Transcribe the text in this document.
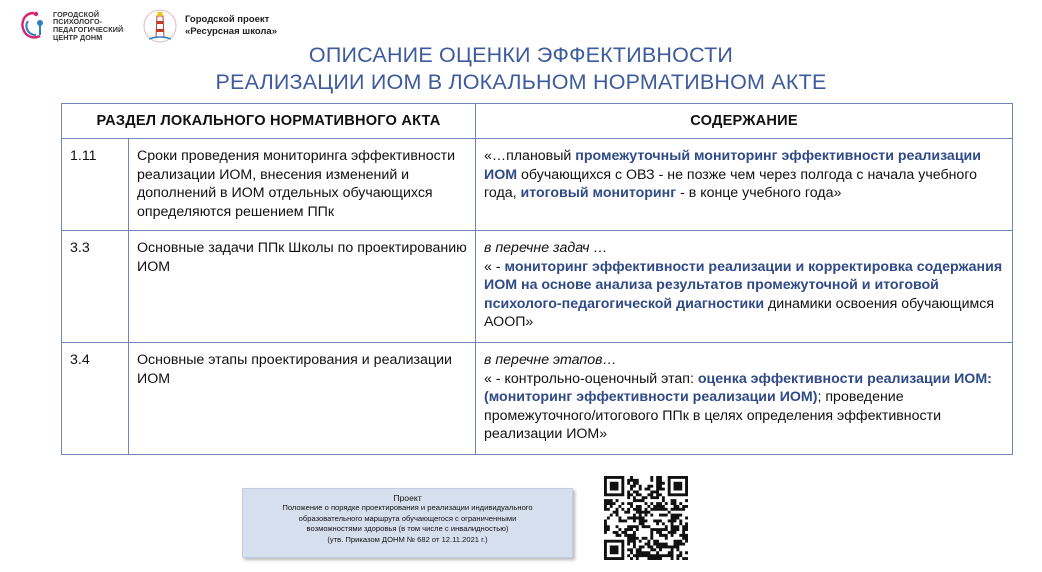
ГОРОДСКОЙ
ПСИХОЛОГО-
ПЕДАГОГИЧЕСКИЙ
ЦЕНТР ДОНМ
Городской проект
«Ресурсная школа»
ОПИСАНИЕ ОЦЕНКИ ЭФФЕКТИВНОСТИ
РЕАЛИЗАЦИИ ИОМ В ЛОКАЛЬНОМ НОРМАТИВНОМ АКТЕ
РАЗДЕЛ ЛОКАЛЬНОГО НОРМАТИВНОГО АКТА		СОДЕРЖАНИЕ
1.11	Сроки проведения мониторинга эффективности реализации ИОМ, внесения изменений и дополнений в ИОМ отдельных обучающихся определяются решением ППк	«…плановый промежуточный мониторинг эффективности реализации ИОМ обучающихся с ОВЗ - не позже чем через полгода с начала учебного года, итоговый мониторинг - в конце учебного года»
3.3	Основные задачи ППк Школы по проектированию ИОМ	в перечне задач …
« - мониторинг эффективности реализации и корректировка содержания ИОМ на основе анализа результатов промежуточной и итоговой психолого-педагогической диагностики динамики освоения обучающимся АООП»
3.4	Основные этапы проектирования и реализации ИОМ	в перечне этапов…
« - контрольно-оценочный этап: оценка эффективности реализации ИОМ: (мониторинг эффективности реализации ИОМ); проведение промежуточного/итогового ППк в целях определения эффективности реализации ИОМ»
Проект
Положение о порядке проектирования и реализации индивидуального
образовательного маршрута обучающегося с ограниченными
возможностями здоровья (в том числе с инвалидностью)
(утв. Приказом ДОНМ № 682 от 12.11.2021 г.)
